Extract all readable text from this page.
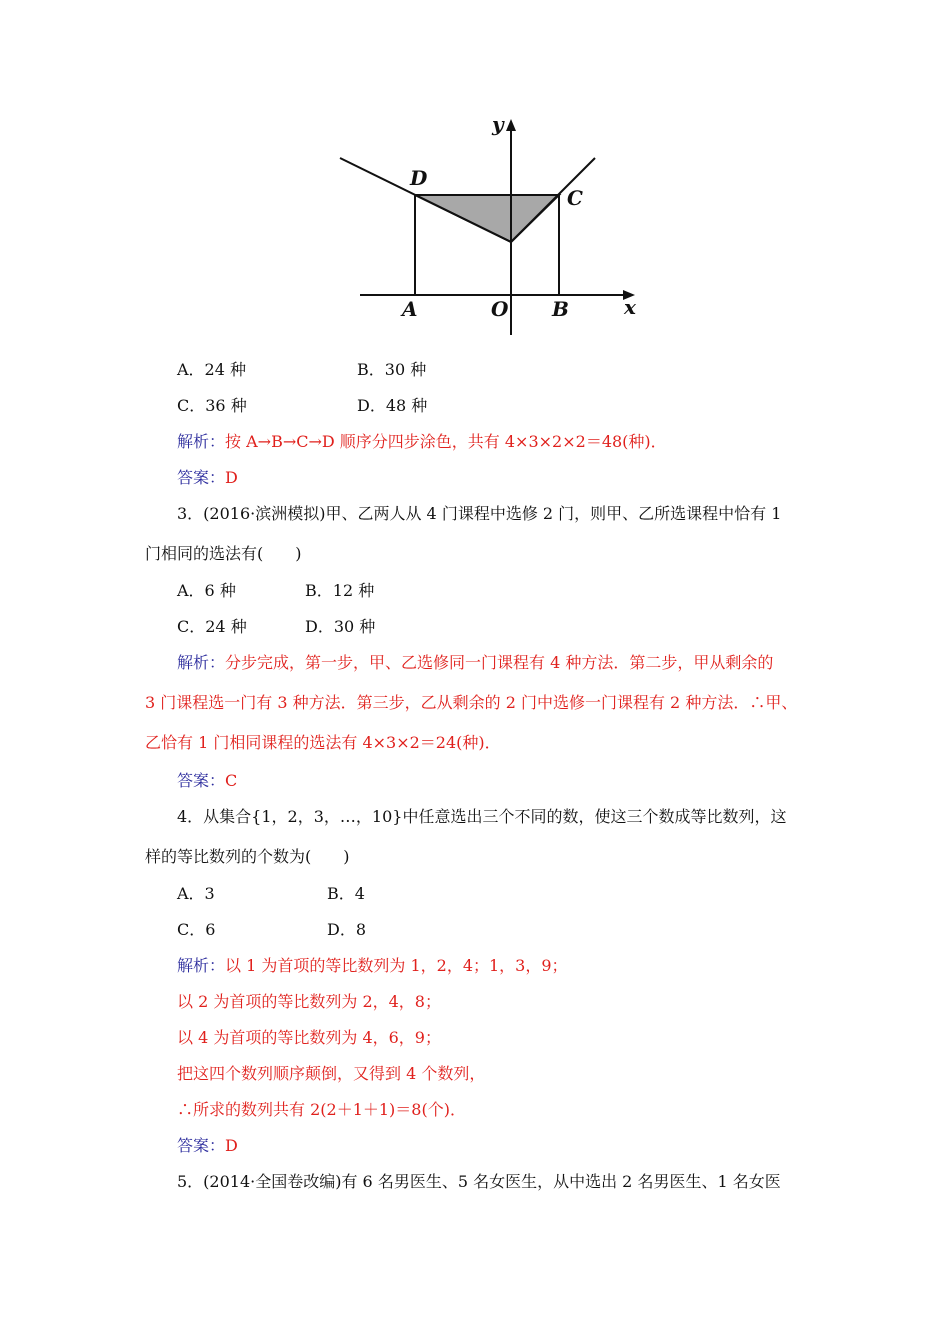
y
D
C
A	O B	x
A．24 种	B．30 种
C．36 种	D．48 种
解析：按 A→B→C→D 顺序分四步涂色，共有 4×3×2×2＝48(种)．
答案：D
3．(2016·滨洲模拟)甲、乙两人从 4 门课程中选修 2 门，则甲、乙所选课程中恰有 1
门相同的选法有(　　)
A．6 种	B．12 种
C．24 种	D．30 种
解析：分步完成，第一步，甲、乙选修同一门课程有 4 种方法．第二步，甲从剩余的
3 门课程选一门有 3 种方法．第三步，乙从剩余的 2 门中选修一门课程有 2 种方法．∴甲、
乙恰有 1 门相同课程的选法有 4×3×2＝24(种)．
答案：C
4．从集合{1，2，3，…，10}中任意选出三个不同的数，使这三个数成等比数列，这
样的等比数列的个数为(　　)
A．3	B．4
C．6	D．8
解析：以 1 为首项的等比数列为 1，2，4；1，3，9；
以 2 为首项的等比数列为 2，4，8；
以 4 为首项的等比数列为 4，6，9；
把这四个数列顺序颠倒，又得到 4 个数列，
∴所求的数列共有 2(2＋1＋1)＝8(个)．
答案：D
5．(2014·全国卷改编)有 6 名男医生、5 名女医生，从中选出 2 名男医生、1 名女医
